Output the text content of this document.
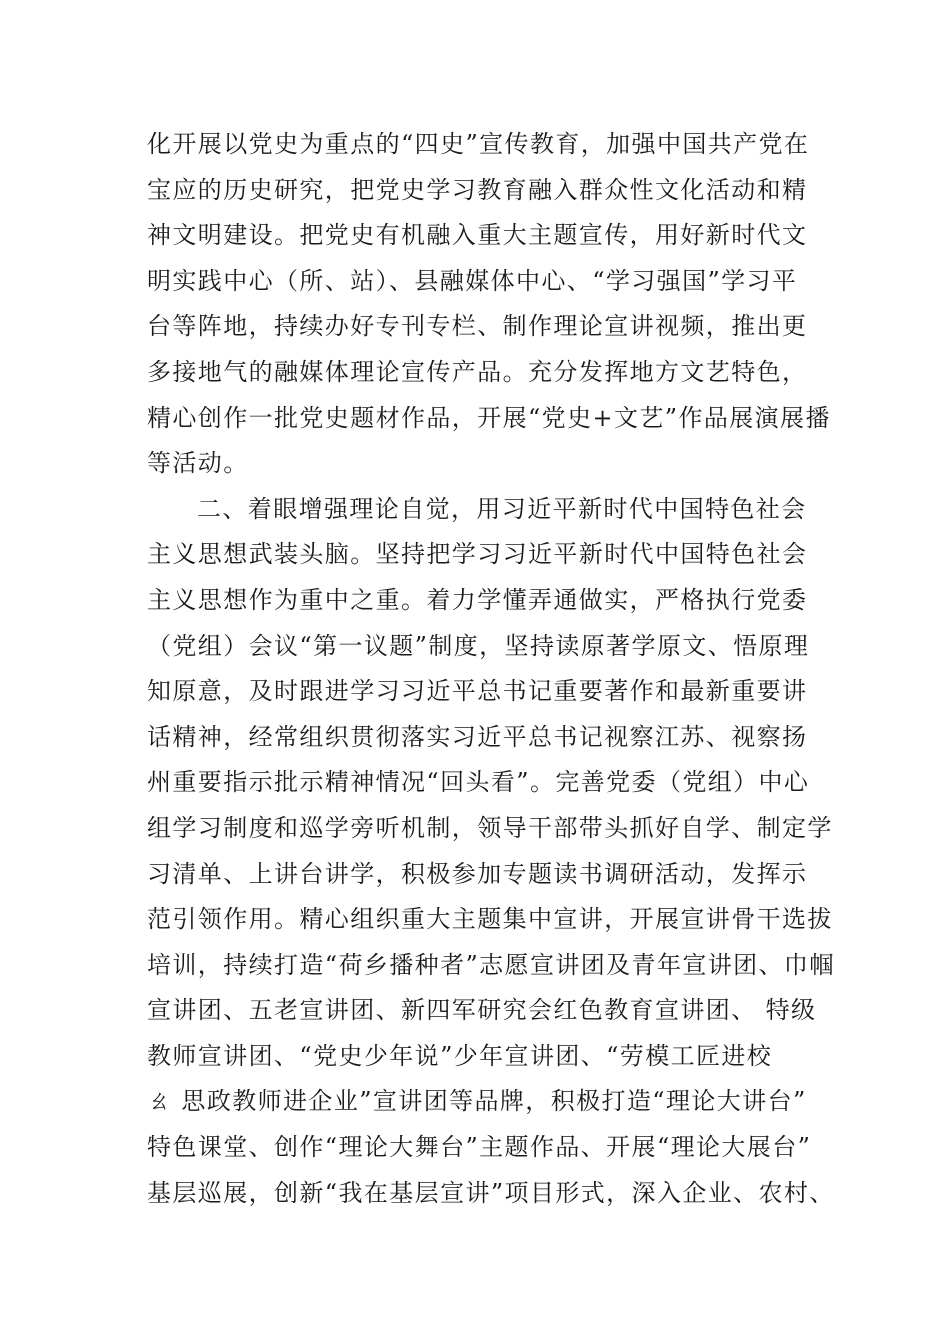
化开展以党史为重点的“四史”宣传教育，加强中国共产党在
宝应的历史研究，把党史学习教育融入群众性文化活动和精
神文明建设。把党史有机融入重大主题宣传，用好新时代文
明实践中心（所、站）、县融媒体中心、“学习强国”学习平
台等阵地，持续办好专刊专栏、制作理论宣讲视频，推出更
多接地气的融媒体理论宣传产品。充分发挥地方文艺特色，
精心创作一批党史题材作品，开展“党史+文艺”作品展演展播
等活动。
二、着眼增强理论自觉，用习近平新时代中国特色社会
主义思想武装头脑。坚持把学习习近平新时代中国特色社会
主义思想作为重中之重。着力学懂弄通做实，严格执行党委
（党组）会议“第一议题”制度，坚持读原著学原文、悟原理
知原意，及时跟进学习习近平总书记重要著作和最新重要讲
话精神，经常组织贯彻落实习近平总书记视察江苏、视察扬
州重要指示批示精神情况“回头看”。完善党委（党组）中心
组学习制度和巡学旁听机制，领导干部带头抓好自学、制定学
习清单、上讲台讲学，积极参加专题读书调研活动，发挥示
范引领作用。精心组织重大主题集中宣讲，开展宣讲骨干选拔
培训，持续打造“荷乡播种者”志愿宣讲团及青年宣讲团、巾帼
宣讲团、五老宣讲团、新四军研究会红色教育宣讲团、 特级
教师宣讲团、“党史少年说”少年宣讲团、“劳模工匠进校
ㄠ 思政教师进企业”宣讲团等品牌，积极打造“理论大讲台”
特色课堂、创作“理论大舞台”主题作品、开展“理论大展台”
基层巡展，创新“我在基层宣讲”项目形式，深入企业、农村、
